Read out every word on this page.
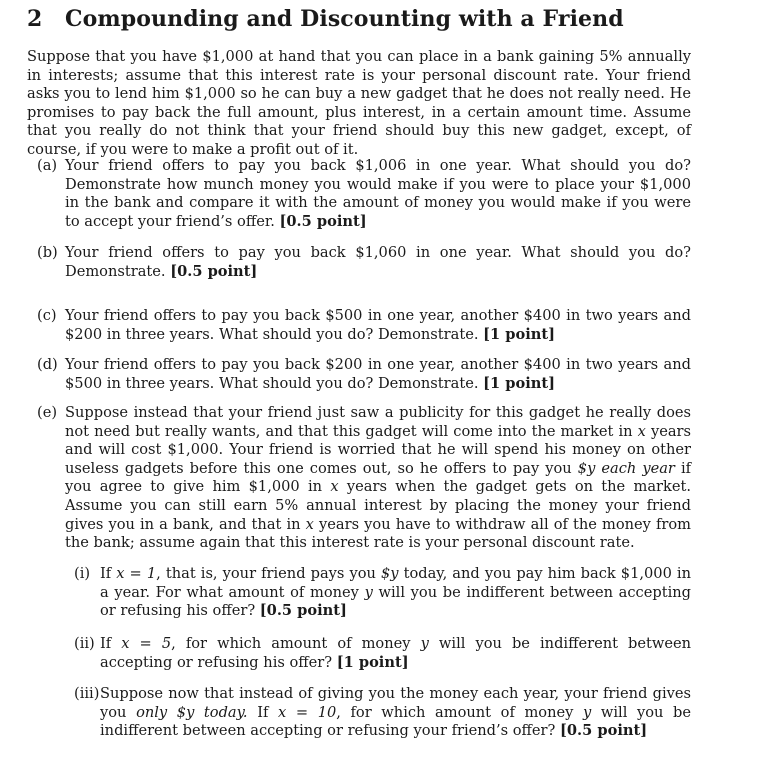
2 Compounding and Discounting with a Friend
Suppose that you have $1,000 at hand that you can place in a bank gaining 5% annually in interests; assume that this interest rate is your personal discount rate. Your friend asks you to lend him $1,000 so he can buy a new gadget that he does not really need. He promises to pay back the full amount, plus interest, in a certain amount time. Assume that you really do not think that your friend should buy this new gadget, except, of course, if you were to make a profit out of it.
(a) Your friend offers to pay you back $1,006 in one year. What should you do? Demonstrate how munch money you would make if you were to place your $1,000 in the bank and compare it with the amount of money you would make if you were to accept your friend’s offer. [0.5 point]
(b) Your friend offers to pay you back $1,060 in one year. What should you do? Demonstrate. [0.5 point]
(c) Your friend offers to pay you back $500 in one year, another $400 in two years and $200 in three years. What should you do? Demonstrate. [1 point]
(d) Your friend offers to pay you back $200 in one year, another $400 in two years and $500 in three years. What should you do? Demonstrate. [1 point]
(e) Suppose instead that your friend just saw a publicity for this gadget he really does not need but really wants, and that this gadget will come into the market in x years and will cost $1,000. Your friend is worried that he will spend his money on other useless gadgets before this one comes out, so he offers to pay you $y each year if you agree to give him $1,000 in x years when the gadget gets on the market. Assume you can still earn 5% annual interest by placing the money your friend gives you in a bank, and that in x years you have to withdraw all of the money from the bank; assume again that this interest rate is your personal discount rate.
(i) If x = 1, that is, your friend pays you $y today, and you pay him back $1,000 in a year. For what amount of money y will you be indifferent between accepting or refusing his offer? [0.5 point]
(ii) If x = 5, for which amount of money y will you be indifferent between accepting or refusing his offer? [1 point]
(iii) Suppose now that instead of giving you the money each year, your friend gives you only $y today. If x = 10, for which amount of money y will you be indifferent between accepting or refusing your friend’s offer? [0.5 point]
